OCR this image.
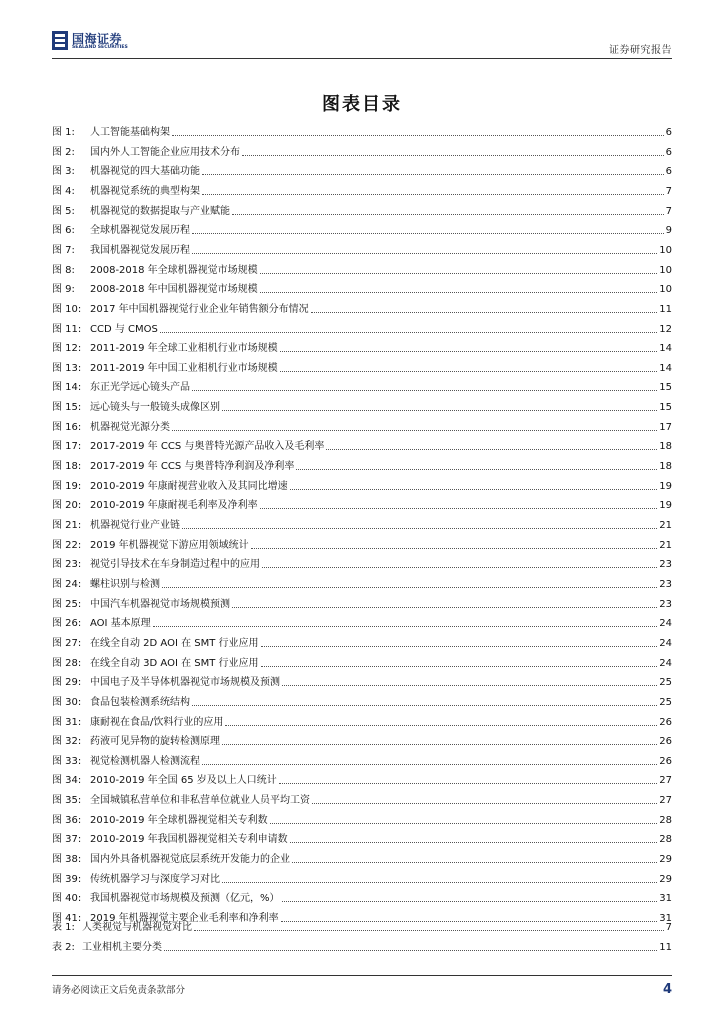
国海证券
SEALAND SECURITIES	证券研究报告
图表目录
图 1:	人工智能基础构架	6
图 2:	国内外人工智能企业应用技术分布	6
图 3:	机器视觉的四大基础功能	6
图 4:	机器视觉系统的典型构架	7
图 5:	机器视觉的数据提取与产业赋能	7
图 6:	全球机器视觉发展历程	9
图 7:	我国机器视觉发展历程	10
图 8:	2008-2018 年全球机器视觉市场规模	10
图 9:	2008-2018 年中国机器视觉市场规模	10
图 10: 2017 年中国机器视觉行业企业年销售额分布情况	11
图 11: CCD 与 CMOS	12
图 12: 2011-2019 年全球工业相机行业市场规模	14
图 13: 2011-2019 年中国工业相机行业市场规模	14
图 14: 东正光学远心镜头产品	15
图 15: 远心镜头与一般镜头成像区别	15
图 16: 机器视觉光源分类	17
图 17: 2017-2019 年 CCS 与奥普特光源产品收入及毛利率	18
图 18: 2017-2019 年 CCS 与奥普特净利润及净利率	18
图 19: 2010-2019 年康耐视营业收入及其同比增速	19
图 20: 2010-2019 年康耐视毛利率及净利率	19
图 21: 机器视觉行业产业链	21
图 22: 2019 年机器视觉下游应用领域统计	21
图 23: 视觉引导技术在车身制造过程中的应用	23
图 24: 螺柱识别与检测	23
图 25: 中国汽车机器视觉市场规模预测	23
图 26: AOI 基本原理	24
图 27: 在线全自动 2D AOI 在 SMT 行业应用	24
图 28: 在线全自动 3D AOI 在 SMT 行业应用	24
图 29: 中国电子及半导体机器视觉市场规模及预测	25
图 30: 食品包装检测系统结构	25
图 31: 康耐视在食品/饮料行业的应用	26
图 32: 药液可见异物的旋转检测原理	26
图 33: 视觉检测机器人检测流程	26
图 34: 2010-2019 年全国 65 岁及以上人口统计	27
图 35: 全国城镇私营单位和非私营单位就业人员平均工资	27
图 36: 2010-2019 年全球机器视觉相关专利数	28
图 37: 2010-2019 年我国机器视觉相关专利申请数	28
图 38: 国内外具备机器视觉底层系统开发能力的企业	29
图 39: 传统机器学习与深度学习对比	29
图 40: 我国机器视觉市场规模及预测（亿元，%）	31
图 41: 2019 年机器视觉主要企业毛利率和净利率	31
表 1: 人类视觉与机器视觉对比	7
表 2: 工业相机主要分类	11
请务必阅读正文后免责条款部分	4
